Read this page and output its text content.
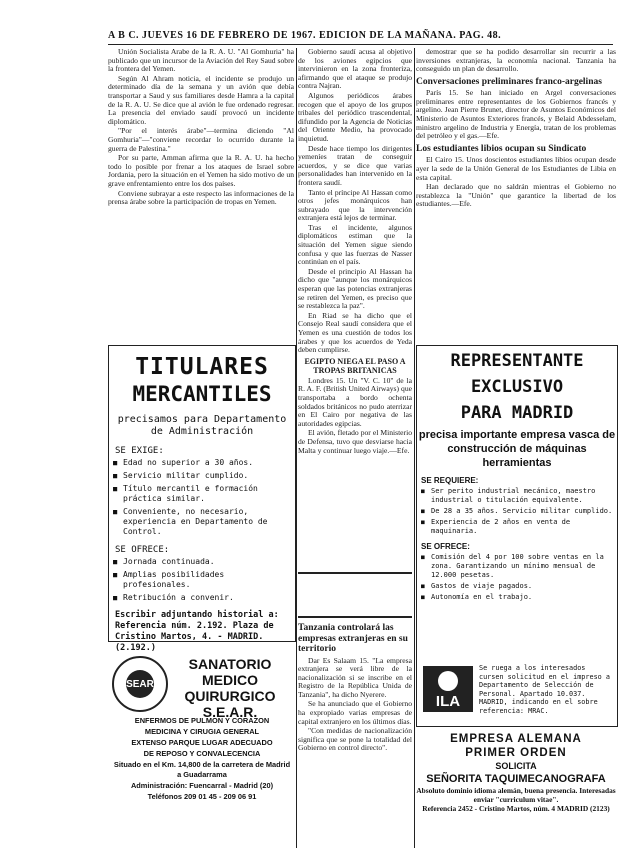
A B C. JUEVES 16 DE FEBRERO DE 1967. EDICION DE LA MAÑANA. PAG. 48.

Unión Socialista Arabe de la R. A. U. "Al Gomhuria" ha publicado que un incursor de la Aviación del Rey Saud sobre la frontera del Yemen.

Según Al Ahram noticia, el incidente se produjo un determinado día de la semana y un avión que debía transportar a Saud y sus familiares desde Hamra a la capital de la R. A. U. Se dice que al avión le fue ordenado regresar. La presencia del enviado saudí provocó un incidente diplomático.

"Por el interés árabe"—termina diciendo "Al Gomhuria"—"conviene recordar lo ocurrido durante la guerra de Palestina."

Por su parte, Amman afirma que la R. A. U. ha hecho todo lo posible por frenar a los ataques de Israel sobre Jordania, pero la situación en el Yemen ha sido motivo de un grave enfrentamiento entre los dos países.

Conviene subrayar a este respecto las informaciones de la prensa árabe sobre la participación de tropas en Yemen.

Gobierno saudí acusa al objetivo de los aviones egipcios que intervinieron en la zona fronteriza, afirmando que el ataque se produjo contra Najran.

Algunos periódicos árabes recogen que el apoyo de los grupos tribales del periódico trascendental, difundido por la Agencia de Noticias del Oriente Medio, ha provocado inquietud.

Desde hace tiempo los dirigentes yemeníes tratan de conseguir acuerdos, y se dice que varias personalidades han intervenido en la frontera saudí.

Tanto el príncipe Al Hassan como otros jefes monárquicos han subrayado que la intervención extranjera está lejos de terminar.

Tras el incidente, algunos diplomáticos estiman que la situación del Yemen sigue siendo confusa y que las fuerzas de Nasser continúan en el país.

Desde el principio Al Hassan ha dicho que "aunque los monárquicos esperan que las potencias extranjeras se retiren del Yemen, es preciso que se restablezca la paz".

En Riad se ha dicho que el Consejo Real saudí considera que el Yemen es una cuestión de todos los árabes y que los acuerdos de Yeda deben cumplirse.

EGIPTO NIEGA EL PASO A TROPAS BRITANICAS

Londres 15. Un "V. C. 10" de la R. A. F. (British United Airways) que transportaba a bordo ochenta soldados británicos no pudo aterrizar en El Cairo por negativa de las autoridades egipcias.

El avión, fletado por el Ministerio de Defensa, tuvo que desviarse hacia Malta y continuar luego viaje.—Efe.

Tanzania controlará las empresas extranjeras en su territorio

Dar Es Salaam 15. "La empresa extranjera se verá libre de la nacionalización si se inscribe en el Registro de la República Unida de Tanzania", ha dicho Nyerere.

Se ha anunciado que el Gobierno ha expropiado varias empresas de capital extranjero en los últimos días.

"Con medidas de nacionalización significa que se pone la totalidad del Gobierno en control directo".

demostrar que se ha podido desarrollar sin recurrir a las inversiones extranjeras, la economía nacional. Tanzania ha conseguido un plan de desarrollo.

Conversaciones preliminares franco-argelinas

París 15. Se han iniciado en Argel conversaciones preliminares entre representantes de los Gobiernos francés y argelino. Jean Pierre Brunet, director de Asuntos Económicos del Ministerio de Asuntos Exteriores francés, y Belaid Abdesselam, ministro argelino de Industria y Energía, tratan de los problemas del petróleo y el gas.—Efe.

Los estudiantes libios ocupan su Sindicato

El Cairo 15. Unos doscientos estudiantes libios ocupan desde ayer la sede de la Unión General de los Estudiantes de Libia en esta capital.

Han declarado que no saldrán mientras el Gobierno no restablezca la "Unión" que garantice la libertad de los estudiantes.—Efe.

TITULARES
MERCANTILES
precisamos para Departamento de Administración
SE EXIGE:
■ Edad no superior a 30 años.
■ Servicio militar cumplido.
■ Título mercantil e formación práctica similar.
■ Conveniente, no necesario, experiencia en Departamento de Control.
SE OFRECE:
■ Jornada continuada.
■ Amplias posibilidades profesionales.
■ Retribución a convenir.
Escribir adjuntando historial a: Referencia núm. 2.192. Plaza de Cristino Martos, 4. - MADRID. (2.192.)
SEAR
SANATORIO MEDICO QUIRURGICO S.E.A.R.
ENFERMOS DE PULMON Y CORAZON
MEDICINA Y CIRUGIA GENERAL
EXTENSO PARQUE LUGAR ADECUADO
DE REPOSO Y CONVALECENCIA
Situado en el Km. 14,800 de la carretera de Madrid a Guadarrama
Administración: Fuencarral - Madrid (20)
Teléfonos 209 01 45 - 209 06 91
REPRESENTANTE
EXCLUSIVO
PARA MADRID
precisa importante empresa vasca de construcción de máquinas herramientas
SE REQUIERE:
■ Ser perito industrial mecánico, maestro industrial o titulación equivalente.
■ De 28 a 35 años. Servicio militar cumplido.
■ Experiencia de 2 años en venta de maquinaria.
SE OFRECE:
■ Comisión del 4 por 100 sobre ventas en la zona. Garantizando un mínimo mensual de 12.000 pesetas.
■ Gastos de viaje pagados.
■ Autonomía en el trabajo.
ILA
Se ruega a los interesados cursen solicitud en el impreso a Departamento de Selección de Personal. Apartado 10.037. MADRID, indicando en el sobre referencia: MRAC.
EMPRESA ALEMANA
PRIMER ORDEN
SOLICITA
SEÑORITA TAQUIMECANOGRAFA
Absoluto dominio idioma alemán, buena presencia. Interesadas enviar "curriculum vitae".
Referencia 2452 - Cristino Martos, núm. 4 MADRID (2123)
